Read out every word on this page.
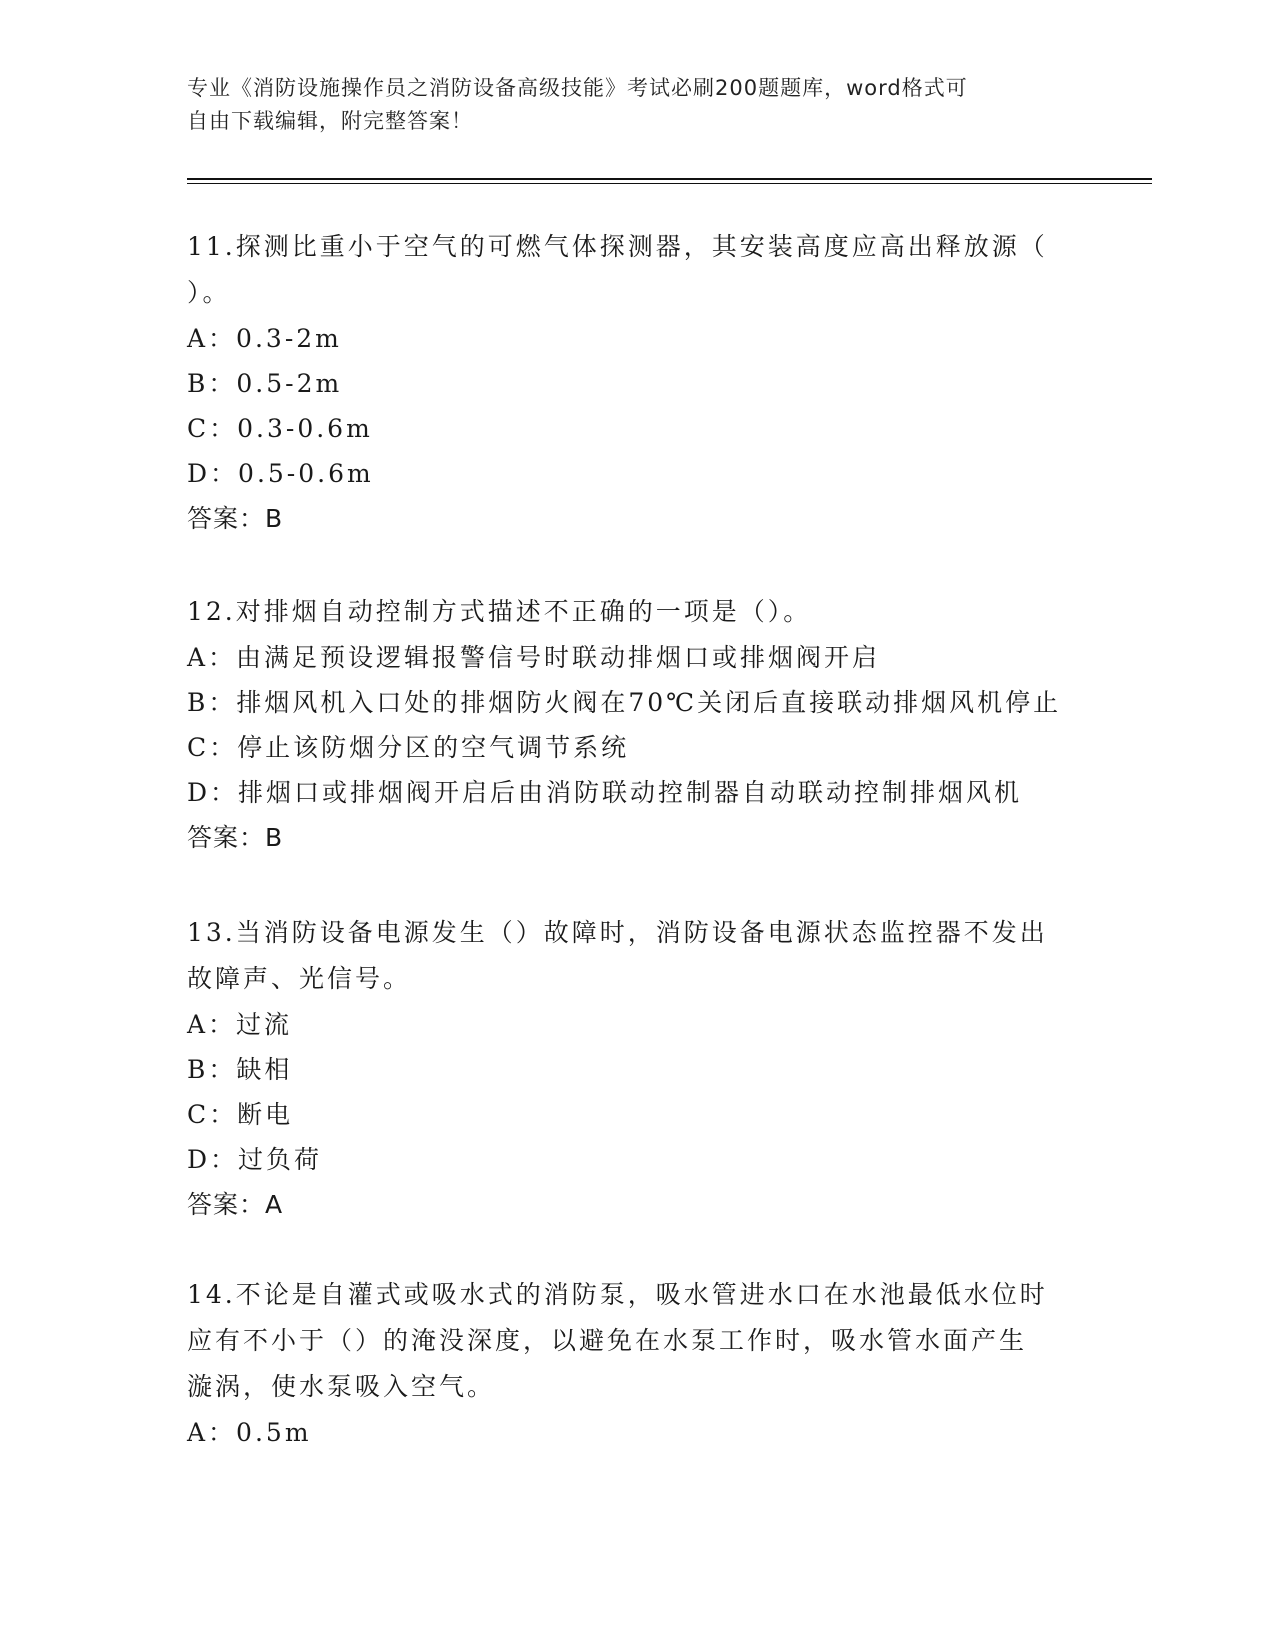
专业《消防设施操作员之消防设备高级技能》考试必刷200题题库，word格式可
自由下载编辑，附完整答案！

11.探测比重小于空气的可燃气体探测器，其安装高度应高出释放源（

）。

A：0.3-2m

B：0.5-2m

C：0.3-0.6m

D：0.5-0.6m

答案：B

12.对排烟自动控制方式描述不正确的一项是（）。

A：由满足预设逻辑报警信号时联动排烟口或排烟阀开启

B：排烟风机入口处的排烟防火阀在70℃关闭后直接联动排烟风机停止

C：停止该防烟分区的空气调节系统

D：排烟口或排烟阀开启后由消防联动控制器自动联动控制排烟风机

答案：B

13.当消防设备电源发生（）故障时，消防设备电源状态监控器不发出

故障声、光信号。

A：过流

B：缺相

C：断电

D：过负荷

答案：A

14.不论是自灌式或吸水式的消防泵，吸水管进水口在水池最低水位时

应有不小于（）的淹没深度，以避免在水泵工作时，吸水管水面产生

漩涡，使水泵吸入空气。

A：0.5m
